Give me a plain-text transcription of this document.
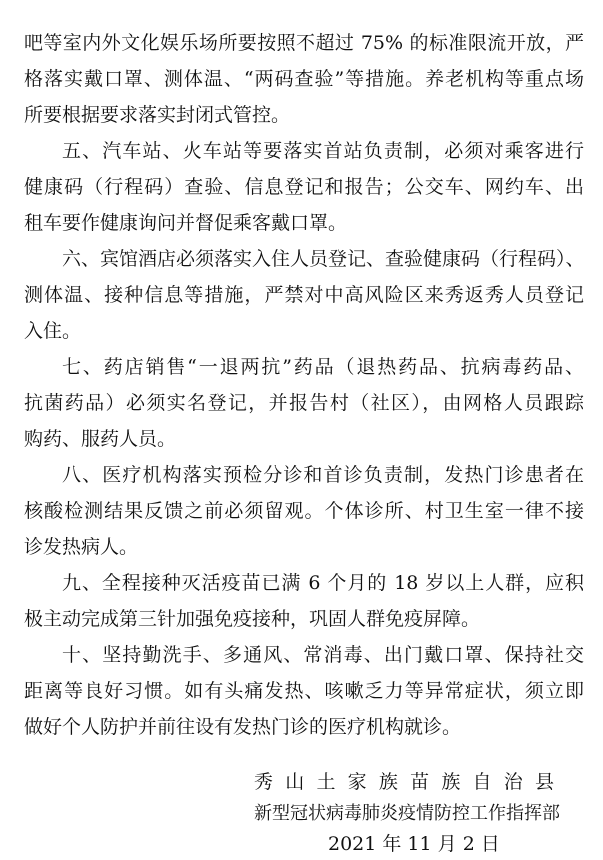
吧等室内外文化娱乐场所要按照不超过 75% 的标准限流开放，严
格落实戴口罩、测体温、“两码查验”等措施。养老机构等重点场
所要根据要求落实封闭式管控。
五、汽车站、火车站等要落实首站负责制，必须对乘客进行
健康码（行程码）查验、信息登记和报告；公交车、网约车、出
租车要作健康询问并督促乘客戴口罩。
六、宾馆酒店必须落实入住人员登记、查验健康码（行程码）、
测体温、接种信息等措施，严禁对中高风险区来秀返秀人员登记
入住。
七、药店销售“一退两抗”药品（退热药品、抗病毒药品、
抗菌药品）必须实名登记，并报告村（社区），由网格人员跟踪
购药、服药人员。
八、医疗机构落实预检分诊和首诊负责制，发热门诊患者在
核酸检测结果反馈之前必须留观。个体诊所、村卫生室一律不接
诊发热病人。
九、全程接种灭活疫苗已满 6 个月的 18 岁以上人群，应积
极主动完成第三针加强免疫接种，巩固人群免疫屏障。
十、坚持勤洗手、多通风、常消毒、出门戴口罩、保持社交
距离等良好习惯。如有头痛发热、咳嗽乏力等异常症状，须立即
做好个人防护并前往设有发热门诊的医疗机构就诊。
秀山土家族苗族自治县
新型冠状病毒肺炎疫情防控工作指挥部
2021 年 11 月 2 日
